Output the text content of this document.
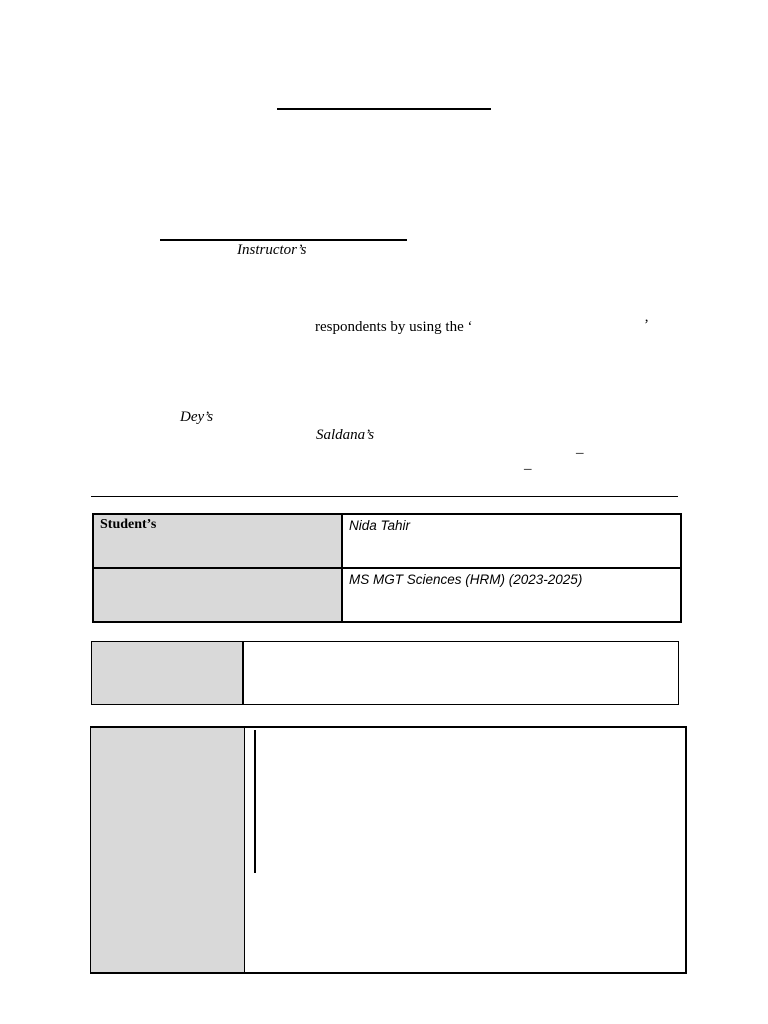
Instructor’s
respondents by using the ‘	’
Dey’s
Saldana’s
–
–
Student’s	Nida Tahir
MS MGT Sciences (HRM) (2023-2025)
